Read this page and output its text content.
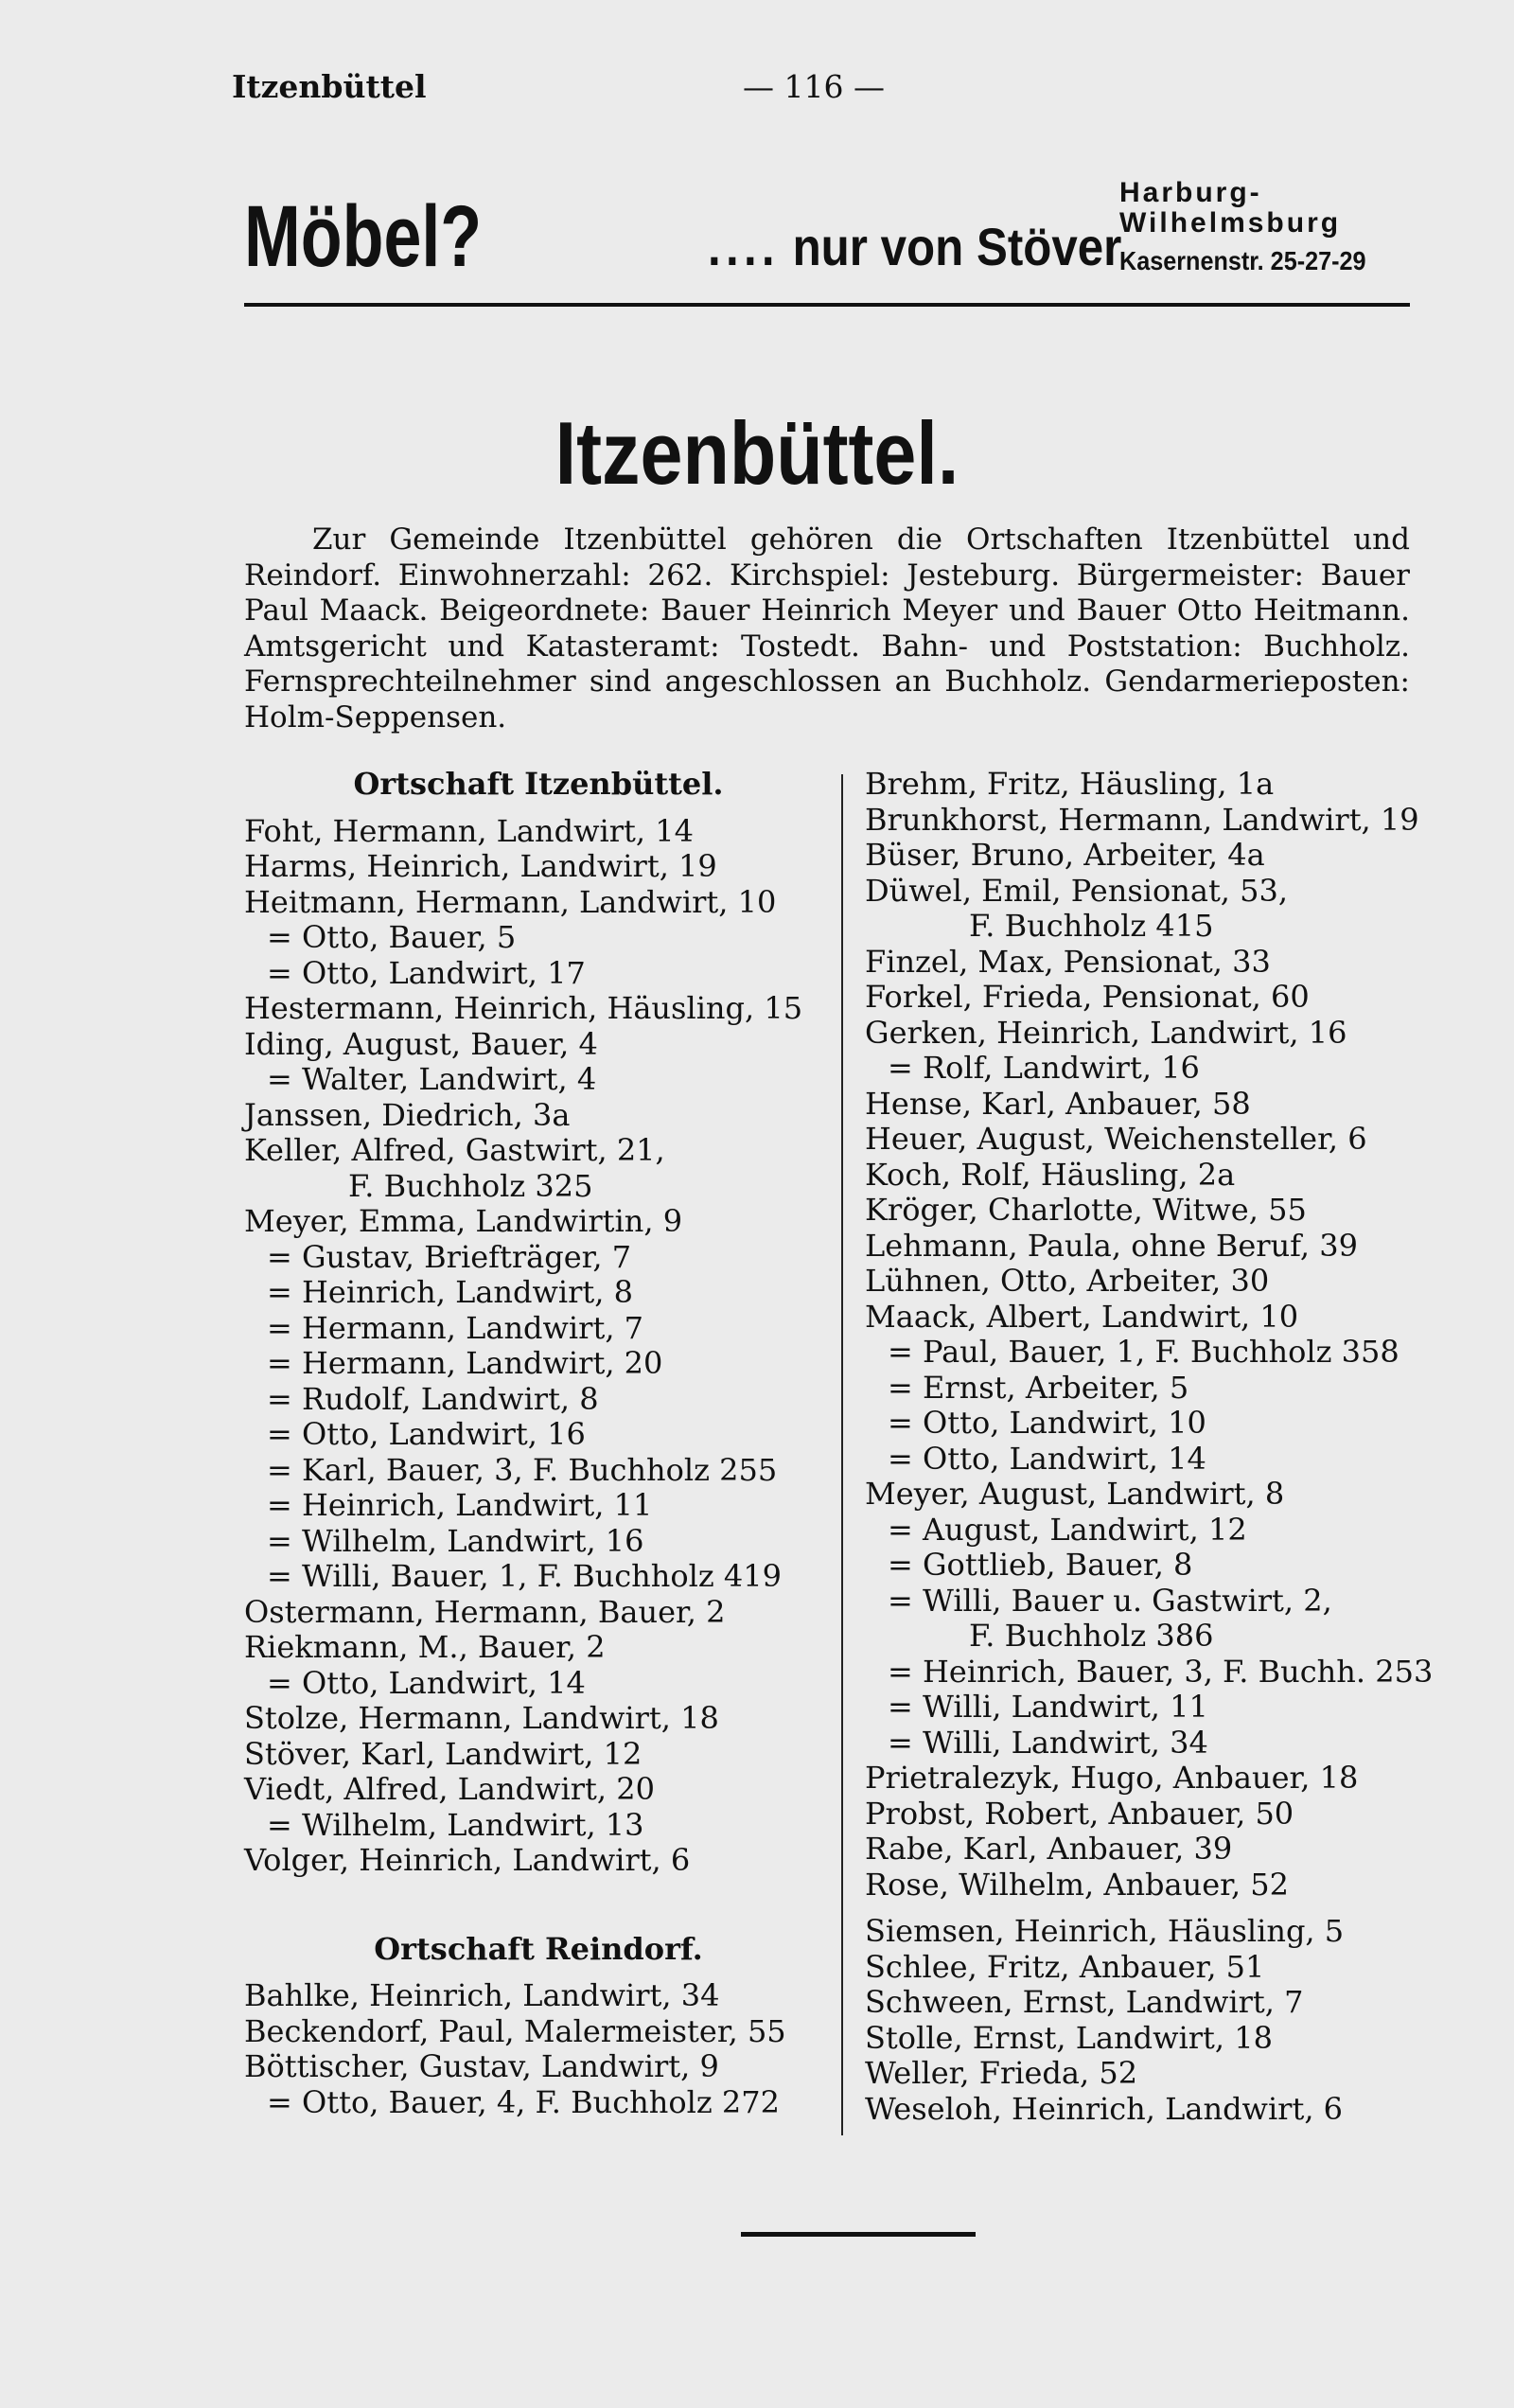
Itzenbüttel	— 116 —
Möbel?	.... nur von Stöver
Harburg-
Wilhelmsburg
Kasernenstr. 25-27-29
Itzenbüttel.

Zur Gemeinde Itzenbüttel gehören die Ortschaften Itzenbüttel und Reindorf. Einwohnerzahl: 262. Kirchspiel: Jesteburg. Bürgermeister: Bauer Paul Maack. Beigeordnete: Bauer Heinrich Meyer und Bauer Otto Heitmann. Amtsgericht und Katasteramt: Tostedt. Bahn- und Poststation: Buchholz. Fernsprechteilnehmer sind angeschlossen an Buchholz. Gendarmerieposten: Holm-Seppensen.

Ortschaft Itzenbüttel.
Foht, Hermann, Landwirt, 14
Harms, Heinrich, Landwirt, 19
Heitmann, Hermann, Landwirt, 10
= Otto, Bauer, 5
= Otto, Landwirt, 17
Hestermann, Heinrich, Häusling, 15
Iding, August, Bauer, 4
= Walter, Landwirt, 4
Janssen, Diedrich, 3a
Keller, Alfred, Gastwirt, 21,
F. Buchholz 325
Meyer, Emma, Landwirtin, 9
= Gustav, Briefträger, 7
= Heinrich, Landwirt, 8
= Hermann, Landwirt, 7
= Hermann, Landwirt, 20
= Rudolf, Landwirt, 8
= Otto, Landwirt, 16
= Karl, Bauer, 3, F. Buchholz 255
= Heinrich, Landwirt, 11
= Wilhelm, Landwirt, 16
= Willi, Bauer, 1, F. Buchholz 419
Ostermann, Hermann, Bauer, 2
Riekmann, M., Bauer, 2
= Otto, Landwirt, 14
Stolze, Hermann, Landwirt, 18
Stöver, Karl, Landwirt, 12
Viedt, Alfred, Landwirt, 20
= Wilhelm, Landwirt, 13
Volger, Heinrich, Landwirt, 6
Ortschaft Reindorf.
Bahlke, Heinrich, Landwirt, 34
Beckendorf, Paul, Malermeister, 55
Böttischer, Gustav, Landwirt, 9
= Otto, Bauer, 4, F. Buchholz 272
Brehm, Fritz, Häusling, 1a
Brunkhorst, Hermann, Landwirt, 19
Büser, Bruno, Arbeiter, 4a
Düwel, Emil, Pensionat, 53,
F. Buchholz 415
Finzel, Max, Pensionat, 33
Forkel, Frieda, Pensionat, 60
Gerken, Heinrich, Landwirt, 16
= Rolf, Landwirt, 16
Hense, Karl, Anbauer, 58
Heuer, August, Weichensteller, 6
Koch, Rolf, Häusling, 2a
Kröger, Charlotte, Witwe, 55
Lehmann, Paula, ohne Beruf, 39
Lühnen, Otto, Arbeiter, 30
Maack, Albert, Landwirt, 10
= Paul, Bauer, 1, F. Buchholz 358
= Ernst, Arbeiter, 5
= Otto, Landwirt, 10
= Otto, Landwirt, 14
Meyer, August, Landwirt, 8
= August, Landwirt, 12
= Gottlieb, Bauer, 8
= Willi, Bauer u. Gastwirt, 2,
F. Buchholz 386
= Heinrich, Bauer, 3, F. Buchh. 253
= Willi, Landwirt, 11
= Willi, Landwirt, 34
Prietralezyk, Hugo, Anbauer, 18
Probst, Robert, Anbauer, 50
Rabe, Karl, Anbauer, 39
Rose, Wilhelm, Anbauer, 52
Siemsen, Heinrich, Häusling, 5
Schlee, Fritz, Anbauer, 51
Schween, Ernst, Landwirt, 7
Stolle, Ernst, Landwirt, 18
Weller, Frieda, 52
Weseloh, Heinrich, Landwirt, 6
